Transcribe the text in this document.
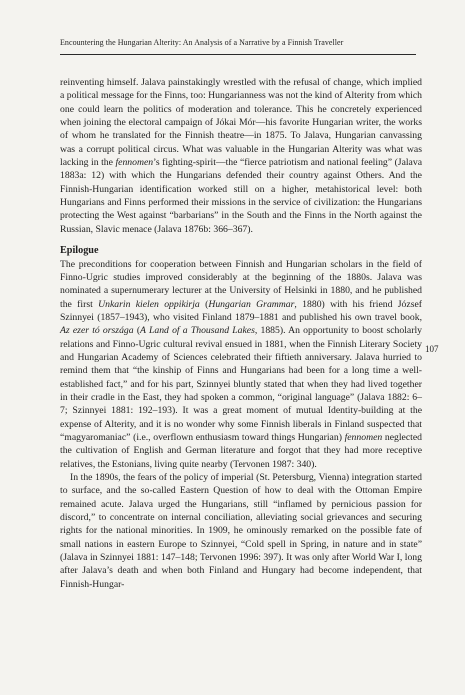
Encountering the Hungarian Alterity: An Analysis of a Narrative by a Finnish Traveller

reinventing himself. Jalava painstakingly wrestled with the refusal of change, which implied a political message for the Finns, too: Hungarianness was not the kind of Alterity from which one could learn the politics of moderation and tolerance. This he concretely experienced when joining the electoral campaign of Jókai Mór—his favorite Hungarian writer, the works of whom he translated for the Finnish theatre—in 1875. To Jalava, Hungarian canvassing was a corrupt political circus. What was valuable in the Hungarian Alterity was what was lacking in the fennomen’s fighting-spirit—the “fierce patriotism and national feeling” (Jalava 1883a: 12) with which the Hungarians defended their country against Others. And the Finnish-Hungarian identification worked still on a higher, metahistorical level: both Hungarians and Finns performed their missions in the service of civilization: the Hungarians protecting the West against “barbarians” in the South and the Finns in the North against the Russian, Slavic menace (Jalava 1876b: 366–367).

Epilogue

The preconditions for cooperation between Finnish and Hungarian scholars in the field of Finno-Ugric studies improved considerably at the beginning of the 1880s. Jalava was nominated a supernumerary lecturer at the University of Helsinki in 1880, and he published the first Unkarin kielen oppikirja (Hungarian Grammar, 1880) with his friend József Szinnyei (1857–1943), who visited Finland 1879–1881 and published his own travel book, Az ezer tó országa (A Land of a Thousand Lakes, 1885). An opportunity to boost scholarly relations and Finno-Ugric cultural revival ensued in 1881, when the Finnish Literary Society and Hungarian Academy of Sciences celebrated their fiftieth anniversary. Jalava hurried to remind them that “the kinship of Finns and Hungarians had been for a long time a well-established fact,” and for his part, Szinnyei bluntly stated that when they had lived together in their cradle in the East, they had spoken a common, “original language” (Jalava 1882: 6–7; Szinnyei 1881: 192–193). It was a great moment of mutual Identity-building at the expense of Alterity, and it is no wonder why some Finnish liberals in Finland suspected that “magyaromaniac” (i.e., overflown enthusiasm toward things Hungarian) fennomen neglected the cultivation of English and German literature and forgot that they had more receptive relatives, the Estonians, living quite nearby (Tervonen 1987: 340).

In the 1890s, the fears of the policy of imperial (St. Petersburg, Vienna) integration started to surface, and the so-called Eastern Question of how to deal with the Ottoman Empire remained acute. Jalava urged the Hungarians, still “inflamed by pernicious passion for discord,” to concentrate on internal conciliation, alleviating social grievances and securing rights for the national minorities. In 1909, he ominously remarked on the possible fate of small nations in eastern Europe to Szinnyei, “Cold spell in Spring, in nature and in state” (Jalava in Szinnyei 1881: 147–148; Tervonen 1996: 397). It was only after World War I, long after Jalava’s death and when both Finland and Hungary had become independent, that Finnish-Hungar-

107
